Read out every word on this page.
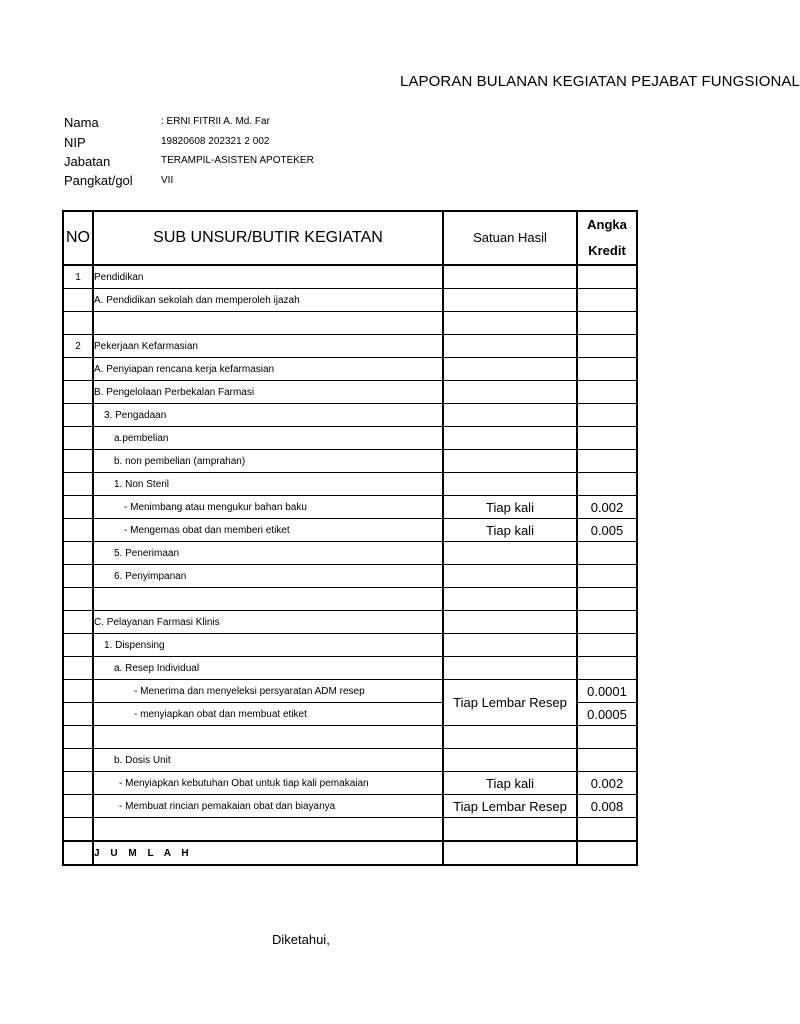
LAPORAN BULANAN KEGIATAN PEJABAT FUNGSIONAL
Nama	: ERNI FITRII A. Md. Far
NIP	19820608 202321 2 002
Jabatan	TERAMPIL-ASISTEN APOTEKER
Pangkat/gol	VII
NO	SUB UNSUR/BUTIR KEGIATAN	Satuan Hasil	Angka Kredit
1	Pendidikan		
	A. Pendidikan sekolah dan memperoleh ijazah		

2	Pekerjaan Kefarmasian		
	A. Penyiapan rencana kerja kefarmasian		
	B. Pengelolaan Perbekalan Farmasi		
	3. Pengadaan		
	a.pembelian		
	b. non pembelian (amprahan)		
	1. Non Steril		
	- Menimbang atau mengukur bahan baku	Tiap kali	0.002
	- Mengemas obat dan memberi etiket	Tiap kali	0.005
	5. Penerimaan		
	6. Penyimpanan		

	C. Pelayanan Farmasi Klinis		
	1. Dispensing		
	a. Resep Individual		
	- Menerima dan menyeleksi persyaratan ADM resep	Tiap Lembar Resep	0.0001
	- menyiapkan obat dan membuat etiket		0.0005

	b. Dosis Unit		
	- Menyiapkan kebutuhan Obat untuk tiap kali pemakaian	Tiap kali	0.002
	- Membuat rincian pemakaian obat dan biayanya	Tiap Lembar Resep	0.008

	J U M L A H		
Diketahui,
